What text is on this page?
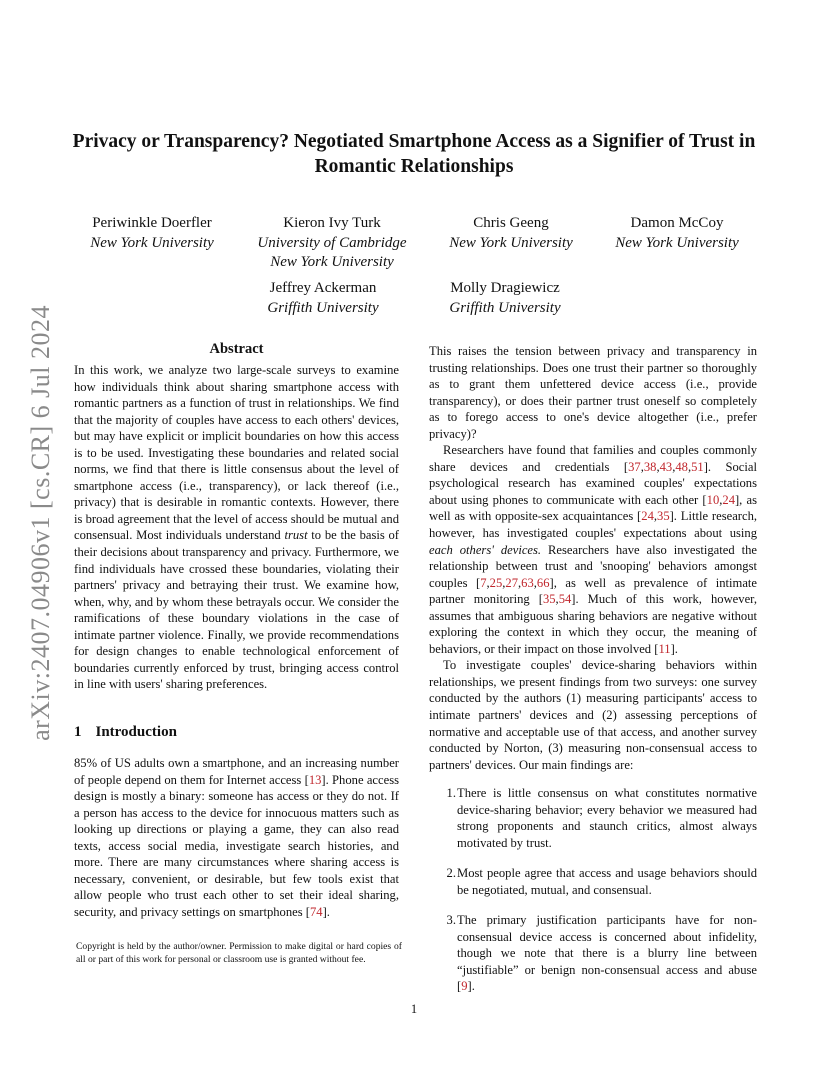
arXiv:2407.04906v1 [cs.CR] 6 Jul 2024
Privacy or Transparency? Negotiated Smartphone Access as a Signifier of Trust in Romantic Relationships
Periwinkle Doerfler
New York University
Kieron Ivy Turk
University of Cambridge
New York University
Chris Geeng
New York University
Damon McCoy
New York University
Jeffrey Ackerman
Griffith University
Molly Dragiewicz
Griffith University
Abstract

In this work, we analyze two large-scale surveys to examine how individuals think about sharing smartphone access with romantic partners as a function of trust in relationships. We find that the majority of couples have access to each others' devices, but may have explicit or implicit boundaries on how this access is to be used. Investigating these boundaries and related social norms, we find that there is little consensus about the level of smartphone access (i.e., transparency), or lack thereof (i.e., privacy) that is desirable in romantic contexts. However, there is broad agreement that the level of access should be mutual and consensual. Most individuals understand trust to be the basis of their decisions about transparency and privacy. Furthermore, we find individuals have crossed these boundaries, violating their partners' privacy and betraying their trust. We examine how, when, why, and by whom these betrayals occur. We consider the ramifications of these boundary violations in the case of intimate partner violence. Finally, we provide recommendations for design changes to enable technological enforcement of boundaries currently enforced by trust, bringing access control in line with users' sharing preferences.

1 Introduction

85% of US adults own a smartphone, and an increasing number of people depend on them for Internet access [13]. Phone access design is mostly a binary: someone has access or they do not. If a person has access to the device for innocuous matters such as looking up directions or playing a game, they can also read texts, access social media, investigate search histories, and more. There are many circumstances where sharing access is necessary, convenient, or desirable, but few tools exist that allow people who trust each other to set their ideal sharing, security, and privacy settings on smartphones [74].

Copyright is held by the author/owner. Permission to make digital or hard copies of all or part of this work for personal or classroom use is granted without fee.

This raises the tension between privacy and transparency in trusting relationships. Does one trust their partner so thoroughly as to grant them unfettered device access (i.e., provide transparency), or does their partner trust oneself so completely as to forego access to one's device altogether (i.e., prefer privacy)?

Researchers have found that families and couples commonly share devices and credentials [37,38,43,48,51]. Social psychological research has examined couples' expectations about using phones to communicate with each other [10,24], as well as with opposite-sex acquaintances [24,35]. Little research, however, has investigated couples' expectations about using each others' devices. Researchers have also investigated the relationship between trust and 'snooping' behaviors amongst couples [7,25,27,63,66], as well as prevalence of intimate partner monitoring [35,54]. Much of this work, however, assumes that ambiguous sharing behaviors are negative without exploring the context in which they occur, the meaning of behaviors, or their impact on those involved [11].

To investigate couples' device-sharing behaviors within relationships, we present findings from two surveys: one survey conducted by the authors (1) measuring participants' access to intimate partners' devices and (2) assessing perceptions of normative and acceptable use of that access, and another survey conducted by Norton, (3) measuring non-consensual access to partners' devices. Our main findings are:

1. There is little consensus on what constitutes normative device-sharing behavior; every behavior we measured had strong proponents and staunch critics, almost always motivated by trust.
2. Most people agree that access and usage behaviors should be negotiated, mutual, and consensual.
3. The primary justification participants have for non-consensual device access is concerned about infidelity, though we note that there is a blurry line between “justifiable” or benign non-consensual access and abuse [9].
1
